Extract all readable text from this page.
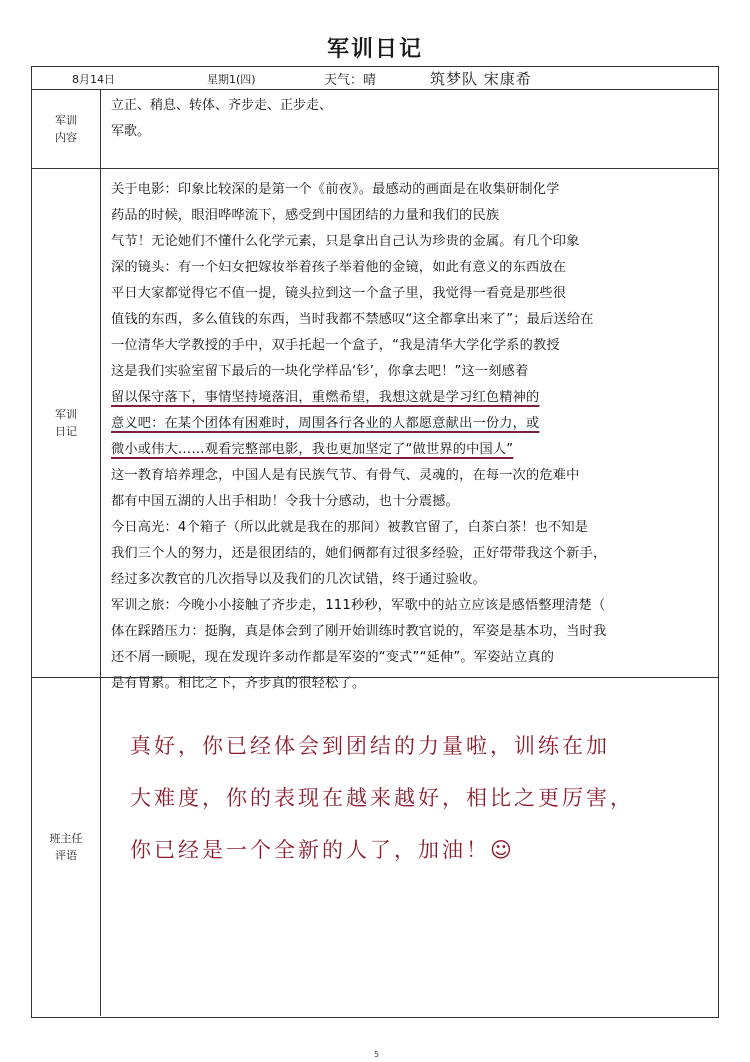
军训日记
8月14日	星期1(四)	天气：晴	筑梦队 宋康希
军训
内容
立正、稍息、转体、齐步走、正步走、
军歌。
军训
日记
关于电影：印象比较深的是第一个《前夜》。最感动的画面是在收集研制化学
药品的时候，眼泪哗哗流下，感受到中国团结的力量和我们的民族
气节！无论她们不懂什么化学元素，只是拿出自己认为珍贵的金属。有几个印象
深的镜头：有一个妇女把嫁妆举着孩子举着他的金镜，如此有意义的东西放在
平日大家都觉得它不值一提，镜头拉到这一个盒子里，我觉得一看竟是那些很
值钱的东西，多么值钱的东西，当时我都不禁感叹“这全都拿出来了”；最后送给在
一位清华大学教授的手中，双手托起一个盒子，“我是清华大学化学系的教授
这是我们实验室留下最后的一块化学样品‘钐’，你拿去吧！”这一刻感着
留以保守落下，事情坚持境落泪，重燃希望，我想这就是学习红色精神的
意义吧：在某个团体有困难时，周围各行各业的人都愿意献出一份力，或
微小或伟大……观看完整部电影，我也更加坚定了“做世界的中国人”
这一教育培养理念，中国人是有民族气节、有骨气、灵魂的，在每一次的危难中
都有中国五湖的人出手相助！令我十分感动，也十分震撼。
今日高光：4个箱子（所以此就是我在的那间）被教官留了，白茶白茶！也不知是
我们三个人的努力，还是很团结的，她们俩都有过很多经验，正好带带我这个新手，
经过多次教官的几次指导以及我们的几次试错，终于通过验收。
军训之旅：今晚小小接触了齐步走，111秒秒，军歌中的站立应该是感悟整理清楚（
体在踩踏压力：挺胸，真是体会到了刚开始训练时教官说的，军姿是基本功，当时我
还不屑一顾呢，现在发现许多动作都是军姿的“变式”“延伸”。军姿站立真的
是有胃累。相比之下，齐步真的很轻松了。
班主任
评语
真好，你已经体会到团结的力量啦，训练在加
大难度，你的表现在越来越好，相比之更厉害，
你已经是一个全新的人了，加油！☺
5
